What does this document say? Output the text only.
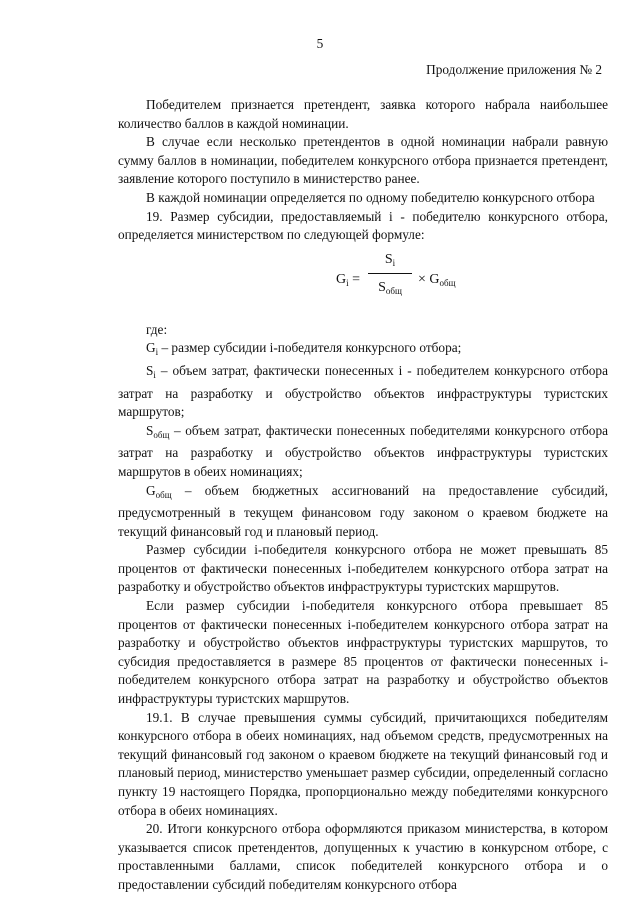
5
Продолжение приложения № 2

Победителем признается претендент, заявка которого набрала наибольшее количество баллов в каждой номинации.

В случае если несколько претендентов в одной номинации набрали равную сумму баллов в номинации, победителем конкурсного отбора признается претендент, заявление которого поступило в министерство ранее.

В каждой номинации определяется по одному победителю конкурсного отбора

19. Размер субсидии, предоставляемый i - победителю конкурсного отбора, определяется министерством по следующей формуле:

$G_i$ =
$S_i$
$S_{общ}$
× $G_{общ}$

где:

$G_i$ – размер субсидии i-победителя конкурсного отбора;

$S_i$ – объем затрат, фактически понесенных i - победителем конкурсного отбора затрат на разработку и обустройство объектов инфраструктуры туристских маршрутов;

$S_{общ}$ – объем затрат, фактически понесенных победителями конкурсного отбора затрат на разработку и обустройство объектов инфраструктуры туристских маршрутов в обеих номинациях;

$G_{общ}$ – объем бюджетных ассигнований на предоставление субсидий, предусмотренный в текущем финансовом году законом о краевом бюджете на текущий финансовый год и плановый период.

Размер субсидии i-победителя конкурсного отбора не может превышать 85 процентов от фактически понесенных i-победителем конкурсного отбора затрат на разработку и обустройство объектов инфраструктуры туристских маршрутов.

Если размер субсидии i-победителя конкурсного отбора превышает 85 процентов от фактически понесенных i-победителем конкурсного отбора затрат на разработку и обустройство объектов инфраструктуры туристских маршрутов, то субсидия предоставляется в размере 85 процентов от фактически понесенных i-победителем конкурсного отбора затрат на разработку и обустройство объектов инфраструктуры туристских маршрутов.

19.1. В случае превышения суммы субсидий, причитающихся победителям конкурсного отбора в обеих номинациях, над объемом средств, предусмотренных на текущий финансовый год законом о краевом бюджете на текущий финансовый год и плановый период, министерство уменьшает размер субсидии, определенный согласно пункту 19 настоящего Порядка, пропорционально между победителями конкурсного отбора в обеих номинациях.

20. Итоги конкурсного отбора оформляются приказом министерства, в котором указывается список претендентов, допущенных к участию в конкурсном отборе, с проставленными баллами, список победителей конкурсного отбора и о предоставлении субсидий победителям конкурсного отбора
